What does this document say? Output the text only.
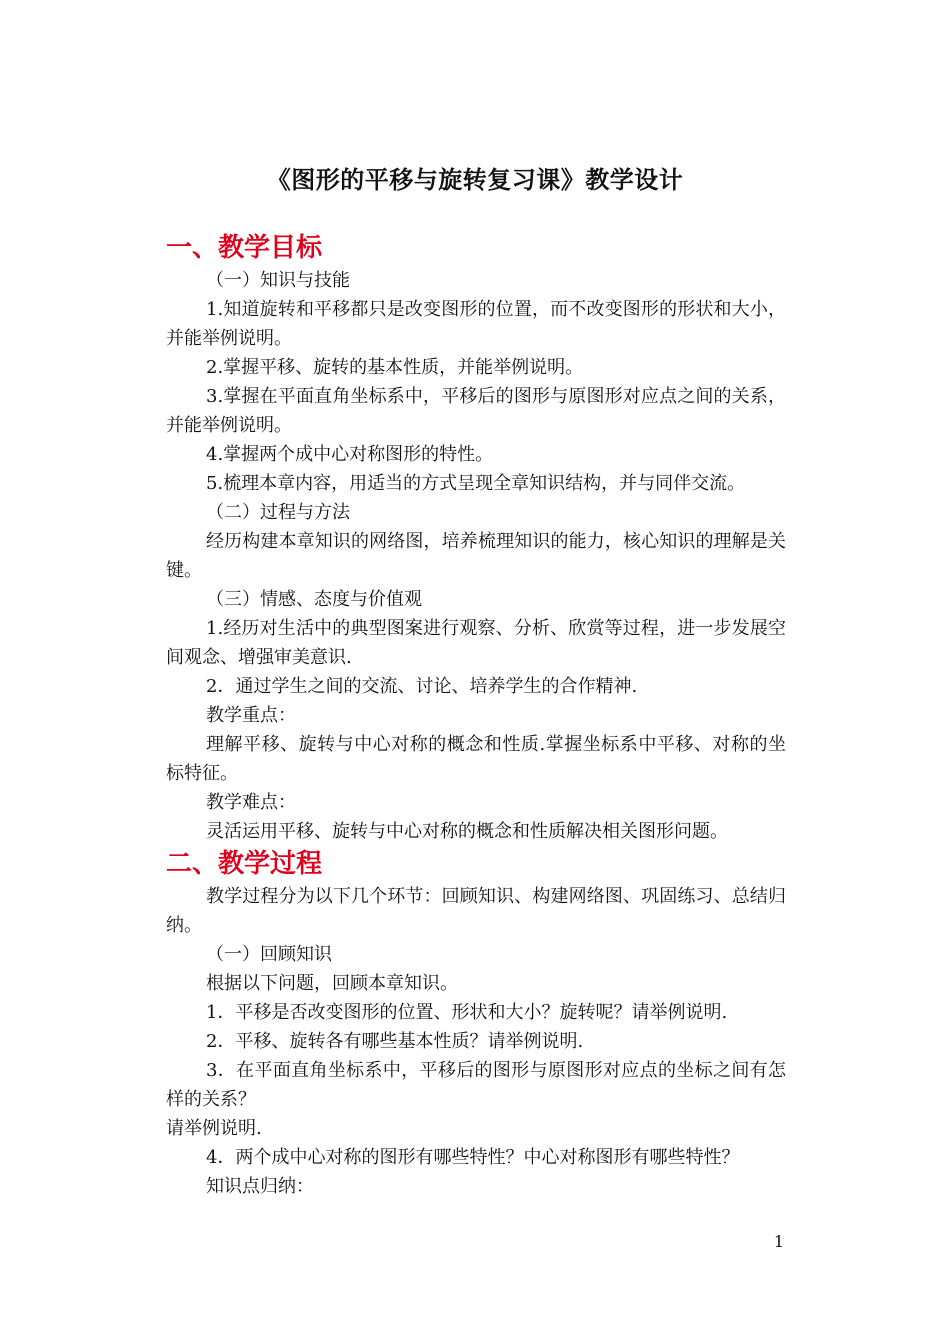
《图形的平移与旋转复习课》教学设计
一、教学目标

（一）知识与技能

1.知道旋转和平移都只是改变图形的位置，而不改变图形的形状和大小，并能举例说明。

2.掌握平移、旋转的基本性质，并能举例说明。

3.掌握在平面直角坐标系中，平移后的图形与原图形对应点之间的关系，并能举例说明。

4.掌握两个成中心对称图形的特性。

5.梳理本章内容，用适当的方式呈现全章知识结构，并与同伴交流。

（二）过程与方法

经历构建本章知识的网络图，培养梳理知识的能力，核心知识的理解是关键。

（三）情感、态度与价值观

1.经历对生活中的典型图案进行观察、分析、欣赏等过程，进一步发展空间观念、增强审美意识.

2．通过学生之间的交流、讨论、培养学生的合作精神.

教学重点：

理解平移、旋转与中心对称的概念和性质.掌握坐标系中平移、对称的坐标特征。

教学难点：

灵活运用平移、旋转与中心对称的概念和性质解决相关图形问题。

二、教学过程

教学过程分为以下几个环节：回顾知识、构建网络图、巩固练习、总结归纳。

（一）回顾知识

根据以下问题，回顾本章知识。

1．平移是否改变图形的位置、形状和大小？旋转呢？请举例说明.

2．平移、旋转各有哪些基本性质？请举例说明.

3．在平面直角坐标系中，平移后的图形与原图形对应点的坐标之间有怎样的关系？

请举例说明.

4．两个成中心对称的图形有哪些特性？中心对称图形有哪些特性？

知识点归纳：

1
